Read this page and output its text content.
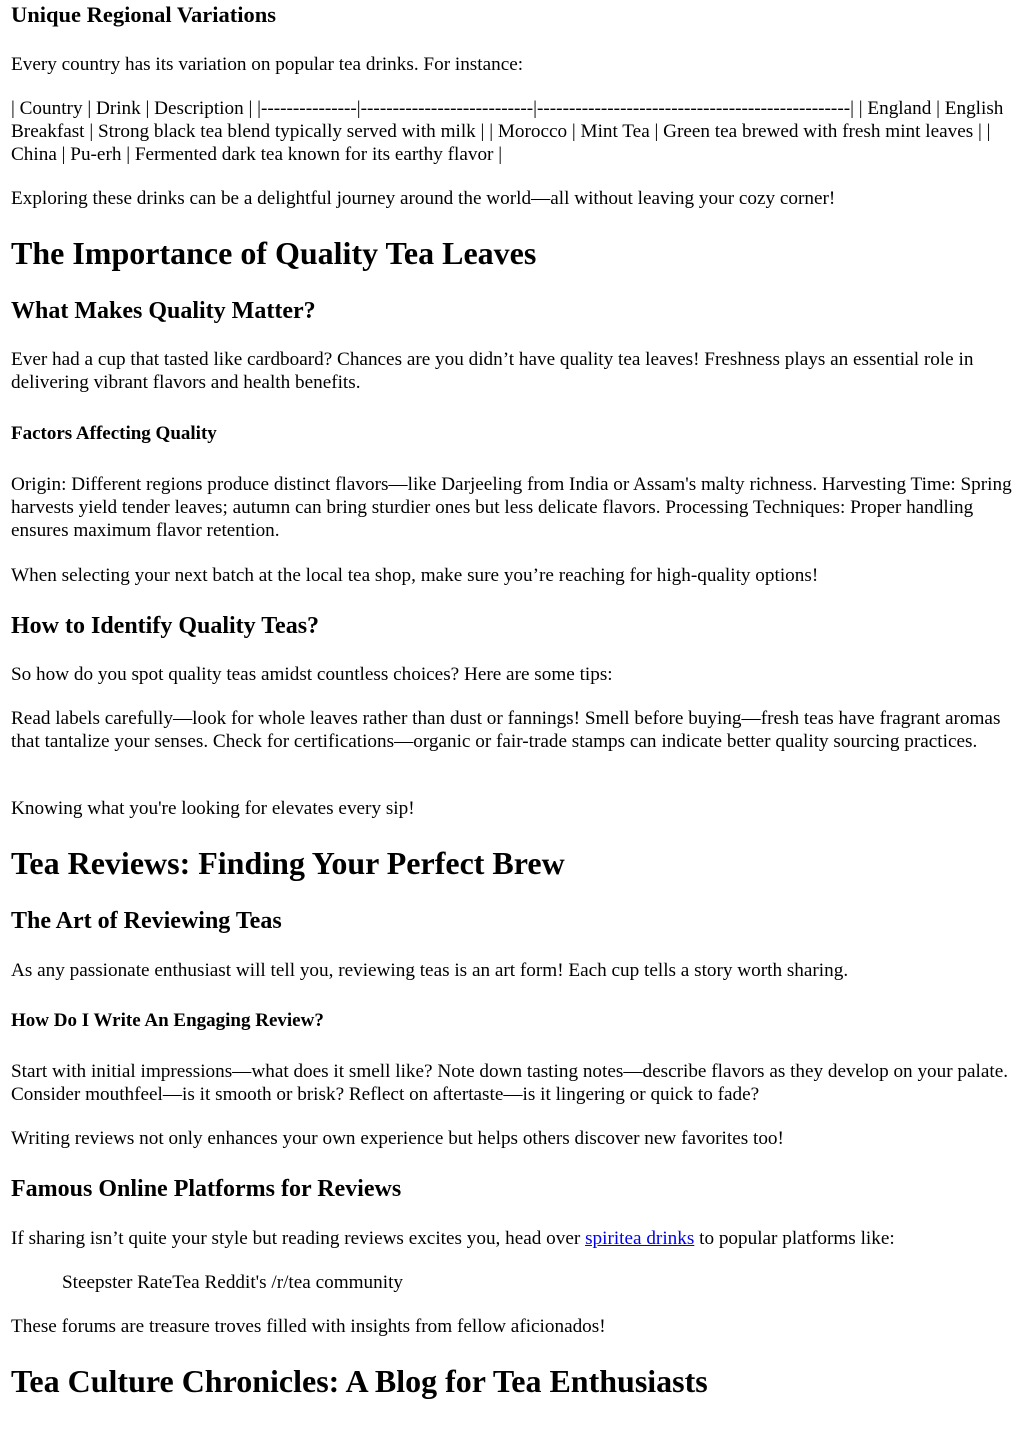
Unique Regional Variations

Every country has its variation on popular tea drinks. For instance:

| Country | Drink | Description | |---------------|---------------------------|-------------------------------------------------| | England | English Breakfast | Strong black tea blend typically served with milk | | Morocco | Mint Tea | Green tea brewed with fresh mint leaves | | China | Pu-erh | Fermented dark tea known for its earthy flavor |

Exploring these drinks can be a delightful journey around the world—all without leaving your cozy corner!

The Importance of Quality Tea Leaves
What Makes Quality Matter?

Ever had a cup that tasted like cardboard? Chances are you didn’t have quality tea leaves! Freshness plays an essential role in delivering vibrant flavors and health benefits.

Factors Affecting Quality

Origin: Different regions produce distinct flavors—like Darjeeling from India or Assam's malty richness. Harvesting Time: Spring harvests yield tender leaves; autumn can bring sturdier ones but less delicate flavors. Processing Techniques: Proper handling ensures maximum flavor retention.

When selecting your next batch at the local tea shop, make sure you’re reaching for high-quality options!

How to Identify Quality Teas?

So how do you spot quality teas amidst countless choices? Here are some tips:

Read labels carefully—look for whole leaves rather than dust or fannings! Smell before buying—fresh teas have fragrant aromas that tantalize your senses. Check for certifications—organic or fair-trade stamps can indicate better quality sourcing practices.

Knowing what you're looking for elevates every sip!

Tea Reviews: Finding Your Perfect Brew
The Art of Reviewing Teas

As any passionate enthusiast will tell you, reviewing teas is an art form! Each cup tells a story worth sharing.

How Do I Write An Engaging Review?

Start with initial impressions—what does it smell like? Note down tasting notes—describe flavors as they develop on your palate. Consider mouthfeel—is it smooth or brisk? Reflect on aftertaste—is it lingering or quick to fade?

Writing reviews not only enhances your own experience but helps others discover new favorites too!

Famous Online Platforms for Reviews

If sharing isn’t quite your style but reading reviews excites you, head over spiritea drinks to popular platforms like:

Steepster RateTea Reddit's /r/tea community

These forums are treasure troves filled with insights from fellow aficionados!

Tea Culture Chronicles: A Blog for Tea Enthusiasts
